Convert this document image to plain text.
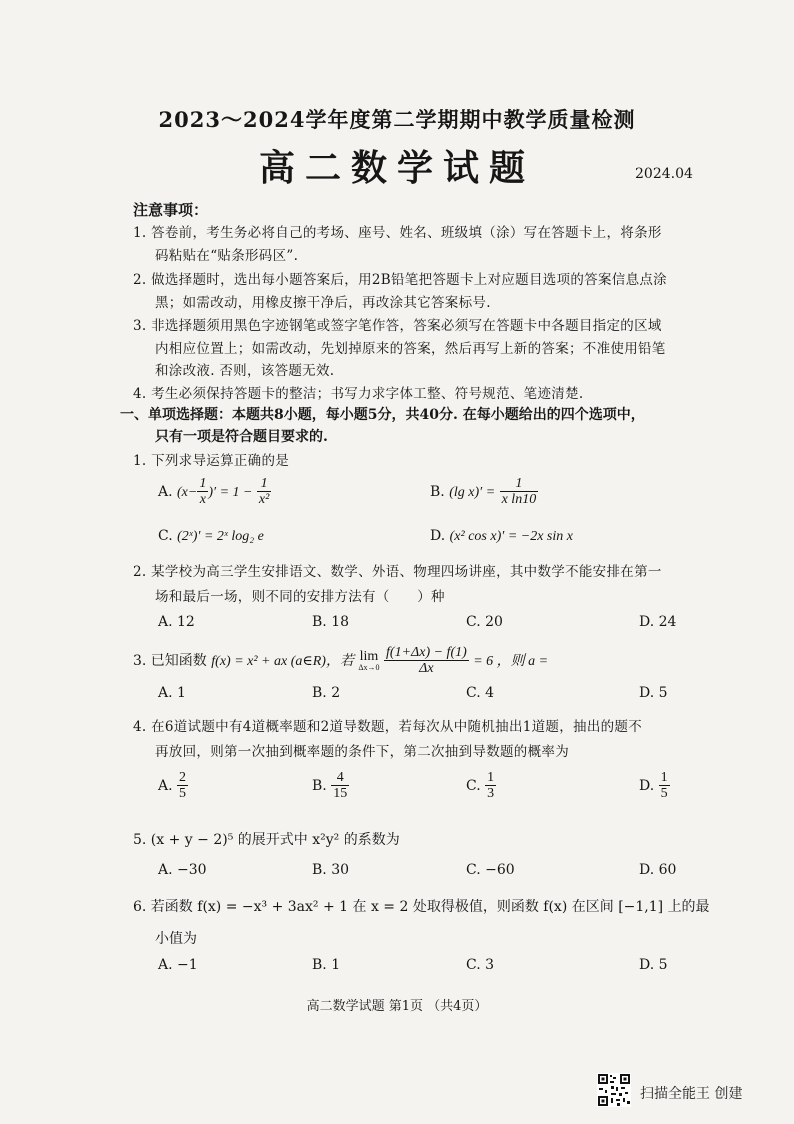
2023～2024学年度第二学期期中教学质量检测
高二数学试题	2024.04
注意事项：
1. 答卷前，考生务必将自己的考场、座号、姓名、班级填（涂）写在答题卡上，将条形
码粘贴在“贴条形码区”.
2. 做选择题时，选出每小题答案后，用2B铅笔把答题卡上对应题目选项的答案信息点涂
黑；如需改动，用橡皮擦干净后，再改涂其它答案标号.
3. 非选择题须用黑色字迹钢笔或签字笔作答，答案必须写在答题卡中各题目指定的区域
内相应位置上；如需改动，先划掉原来的答案，然后再写上新的答案；不准使用铅笔
和涂改液. 否则，该答题无效.
4. 考生必须保持答题卡的整洁；书写力求字体工整、符号规范、笔迹清楚.
一、单项选择题：本题共8小题，每小题5分，共40分. 在每小题给出的四个选项中，
只有一项是符合题目要求的.
1. 下列求导运算正确的是
A. ($x- \frac{1}{x}$ )′ = $1 - \frac{1}{\text{x²}}$	B. (lg $x)' = \frac{1}{\text{x ln10}}$
C. (2ˣ)′ = 2ˣ log₂ e	D. (x² cos x)′ = −2x sin x
2. 某学校为高三学生安排语文、数学、外语、物理四场讲座，其中数学不能安排在第一
场和最后一场，则不同的安排方法有（　　）种
A. 12	B. 18	C. 20	D. 24
3. 已知函数 f(x) = x² + ax (a∈R)，若 lim
Δx→0
$\frac{f(1+\Delta x) - f(1)}{\Delta x} = 6$ ，则 a =
A. 1	B. 2	C. 4	D. 5
4. 在6道试题中有4道概率题和2道导数题，若每次从中随机抽出1道题，抽出的题不
再放回，则第一次抽到概率题的条件下，第二次抽到导数题的概率为
A. $\frac{2}{5}$	B. $\frac{4}{15}$	C. $\frac{1}{3}$	D. $\frac{1}{5}$
5. (x + y − 2)⁵ 的展开式中 x²y² 的系数为
A. −30	B. 30	C. −60	D. 60
6. 若函数 f(x) = −x³ + 3ax² + 1 在 x = 2 处取得极值，则函数 f(x) 在区间 [−1,1] 上的最
小值为
A. −1	B. 1	C. 3	D. 5
高二数学试题 第1页 （共4页）
扫描全能王 创建
